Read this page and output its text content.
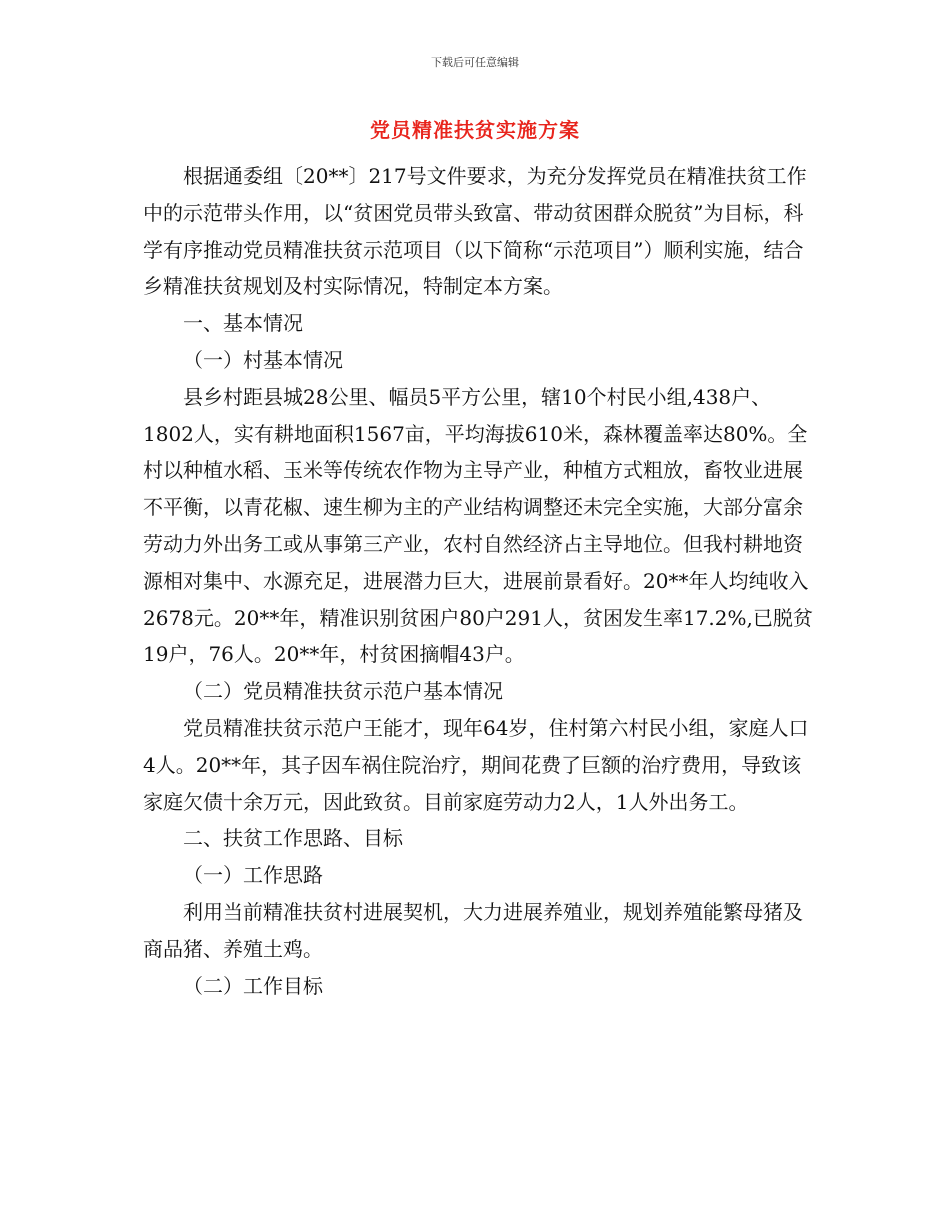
下载后可任意编辑
党员精准扶贫实施方案

根据通委组〔20**〕217号文件要求，为充分发挥党员在精准扶贫工作中的示范带头作用，以“贫困党员带头致富、带动贫困群众脱贫”为目标，科学有序推动党员精准扶贫示范项目（以下简称“示范项目”）顺利实施，结合乡精准扶贫规划及村实际情况，特制定本方案。

一、基本情况

（一）村基本情况

县乡村距县城28公里、幅员5平方公里，辖10个村民小组,438户、1802人，实有耕地面积1567亩，平均海拔610米，森林覆盖率达80%。全村以种植水稻、玉米等传统农作物为主导产业，种植方式粗放，畜牧业进展不平衡，以青花椒、速生柳为主的产业结构调整还未完全实施，大部分富余劳动力外出务工或从事第三产业，农村自然经济占主导地位。但我村耕地资源相对集中、水源充足，进展潜力巨大，进展前景看好。20**年人均纯收入2678元。20**年，精准识别贫困户80户291人，贫困发生率17.2%,已脱贫19户，76人。20**年，村贫困摘帽43户。

（二）党员精准扶贫示范户基本情况

党员精准扶贫示范户王能才，现年64岁，住村第六村民小组，家庭人口4人。20**年，其子因车祸住院治疗，期间花费了巨额的治疗费用，导致该家庭欠债十余万元，因此致贫。目前家庭劳动力2人，1人外出务工。

二、扶贫工作思路、目标

（一）工作思路

利用当前精准扶贫村进展契机，大力进展养殖业，规划养殖能繁母猪及商品猪、养殖土鸡。

（二）工作目标
